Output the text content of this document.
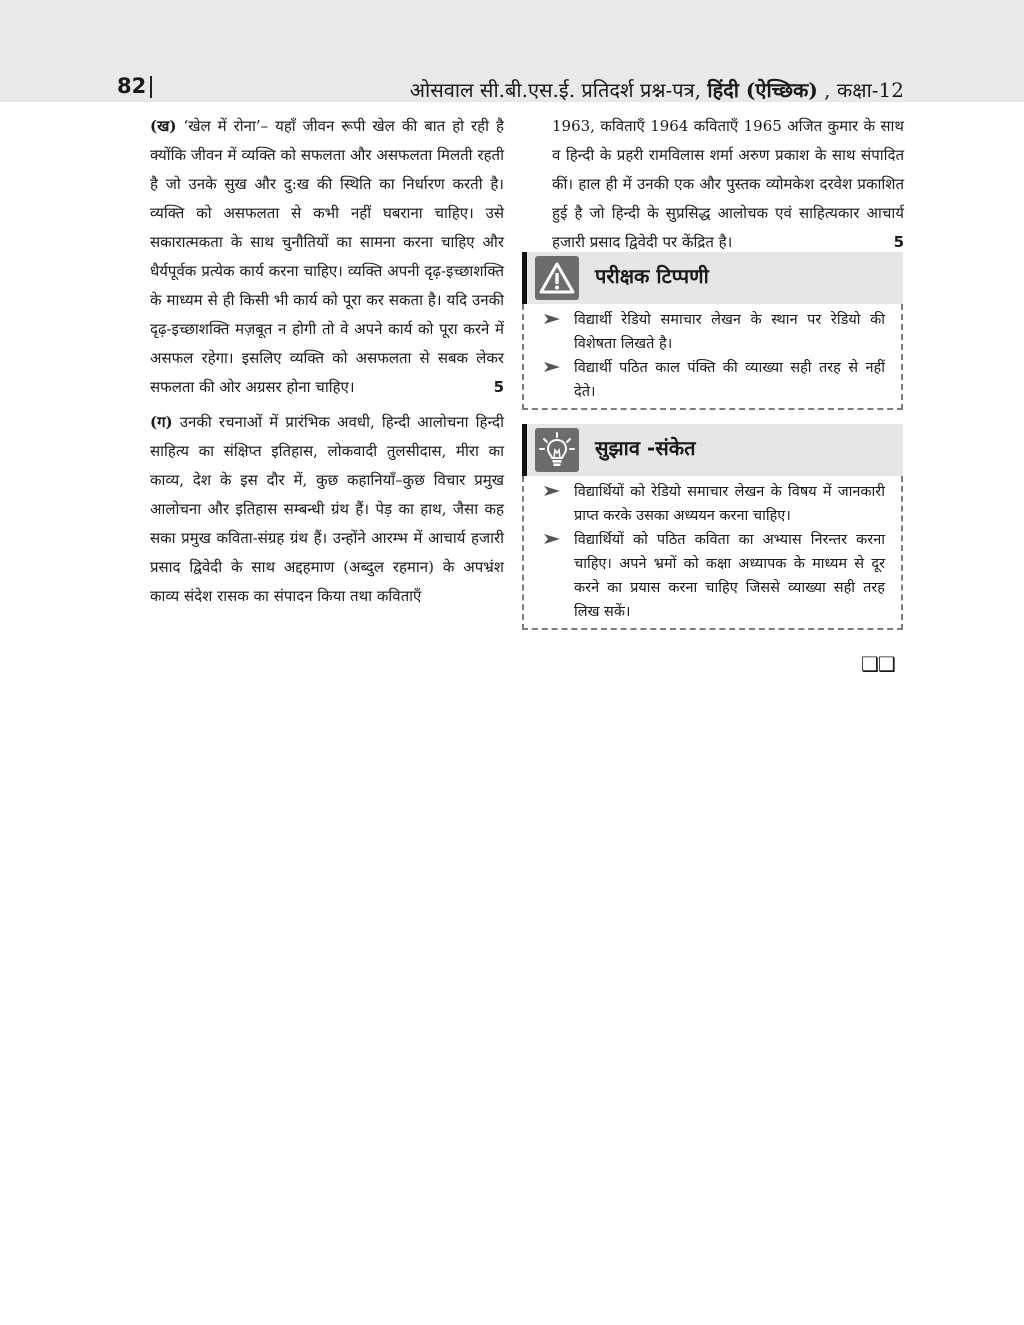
82	ओसवाल सी.बी.एस.ई. प्रतिदर्श प्रश्न-पत्र, हिंदी (ऐच्छिक) , कक्षा-12

(ख) ‘खेल में रोना’– यहाँ जीवन रूपी खेल की बात हो रही है क्योंकि जीवन में व्यक्ति को सफलता और असफलता मिलती रहती है जो उनके सुख और दु:ख की स्थिति का निर्धारण करती है। व्यक्ति को असफलता से कभी नहीं घबराना चाहिए। उसे सकारात्मकता के साथ चुनौतियों का सामना करना चाहिए और धैर्यपूर्वक प्रत्येक कार्य करना चाहिए। व्यक्ति अपनी दृढ़-इच्छाशक्ति के माध्यम से ही किसी भी कार्य को पूरा कर सकता है। यदि उनकी दृढ़-इच्छाशक्ति मज़बूत न होगी तो वे अपने कार्य को पूरा करने में असफल रहेगा। इसलिए व्यक्ति को असफलता से सबक लेकर सफलता की ओर अग्रसर होना चाहिए।	5

(ग) उनकी रचनाओं में प्रारंभिक अवधी, हिन्दी आलोचना हिन्दी साहित्य का संक्षिप्त इतिहास, लोकवादी तुलसीदास, मीरा का काव्य, देश के इस दौर में, कुछ कहानियाँ–कुछ विचार प्रमुख आलोचना और इतिहास सम्बन्धी ग्रंथ हैं। पेड़ का हाथ, जैसा कह सका प्रमुख कविता-संग्रह ग्रंथ हैं। उन्होंने आरम्भ में आचार्य हजारी प्रसाद द्विवेदी के साथ अद्दहमाण (अब्दुल रहमान) के अपभ्रंश काव्य संदेश रासक का संपादन किया तथा कविताएँ

1963, कविताएँ 1964 कविताएँ 1965 अजित कुमार के साथ व हिन्दी के प्रहरी रामविलास शर्मा अरुण प्रकाश के साथ संपादित कीं। हाल ही में उनकी एक और पुस्तक व्योमकेश दरवेश प्रकाशित हुई है जो हिन्दी के सुप्रसिद्ध आलोचक एवं साहित्यकार आचार्य हजारी प्रसाद द्विवेदी पर केंद्रित है।	5

परीक्षक टिप्पणी
विद्यार्थी रेडियो समाचार लेखन के स्थान पर रेडियो की विशेषता लिखते है।
विद्यार्थी पठित काल पंक्ति की व्याख्या सही तरह से नहीं देते।
सुझाव -संकेत
विद्यार्थियों को रेडियो समाचार लेखन के विषय में जानकारी प्राप्त करके उसका अध्ययन करना चाहिए।
विद्यार्थियों को पठित कविता का अभ्यास निरन्तर करना चाहिए। अपने भ्रमों को कक्षा अध्यापक के माध्यम से दूर करने का प्रयास करना चाहिए जिससे व्याख्या सही तरह लिख सकें।
❑❑
